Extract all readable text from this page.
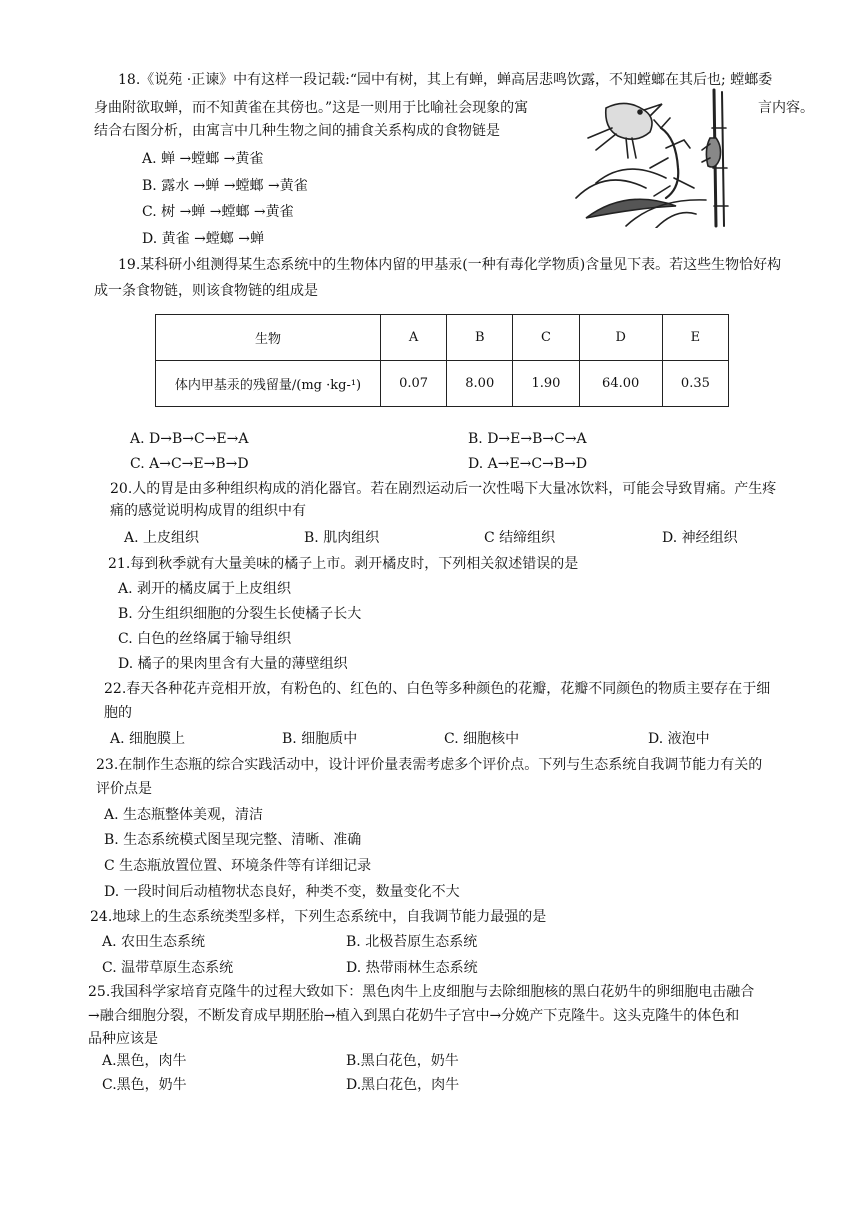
18.《说苑 ·正谏》中有这样一段记载:“园中有树，其上有蝉，蝉高居悲鸣饮露，不知螳螂在其后也; 螳螂委
身曲附欲取蝉，而不知黄雀在其傍也。”这是一则用于比喻社会现象的寓	言内容。
结合右图分析，由寓言中几种生物之间的捕食关系构成的食物链是
A. 蝉 →螳螂 →黄雀
B. 露水 →蝉 →螳螂 →黄雀
C. 树 →蝉 →螳螂 →黄雀
D. 黄雀 →螳螂 →蝉
19.某科研小组测得某生态系统中的生物体内留的甲基汞(一种有毒化学物质)含量见下表。若这些生物恰好构
成一条食物链，则该食物链的组成是
生物	A	B	C	D	E
体内甲基汞的残留量/(mg ·kg-¹)	0.07	8.00	1.90	64.00	0.35
A. D→B→C→E→A	B. D→E→B→C→A
C. A→C→E→B→D	D. A→E→C→B→D
20.人的胃是由多种组织构成的消化器官。若在剧烈运动后一次性喝下大量冰饮料，可能会导致胃痛。产生疼
痛的感觉说明构成胃的组织中有
A. 上皮组织	B. 肌肉组织	C 结缔组织	D. 神经组织
21.每到秋季就有大量美味的橘子上市。剥开橘皮时，下列相关叙述错误的是
A. 剥开的橘皮属于上皮组织
B. 分生组织细胞的分裂生长使橘子长大
C. 白色的丝络属于输导组织
D. 橘子的果肉里含有大量的薄壁组织
22.春天各种花卉竞相开放，有粉色的、红色的、白色等多种颜色的花瓣，花瓣不同颜色的物质主要存在于细
胞的
A. 细胞膜上	B. 细胞质中	C. 细胞核中	D. 液泡中
23.在制作生态瓶的综合实践活动中，设计评价量表需考虑多个评价点。下列与生态系统自我调节能力有关的
评价点是
A. 生态瓶整体美观，清洁
B. 生态系统模式图呈现完整、清晰、准确
C 生态瓶放置位置、环境条件等有详细记录
D. 一段时间后动植物状态良好，种类不变，数量变化不大
24.地球上的生态系统类型多样，下列生态系统中，自我调节能力最强的是
A. 农田生态系统	B. 北极苔原生态系统
C. 温带草原生态系统	D. 热带雨林生态系统
25.我国科学家培育克隆牛的过程大致如下：黑色肉牛上皮细胞与去除细胞核的黑白花奶牛的卵细胞电击融合
→融合细胞分裂，不断发育成早期胚胎→植入到黑白花奶牛子宫中→分娩产下克隆牛。这头克隆牛的体色和
品种应该是
A.黑色，肉牛	B.黑白花色，奶牛
C.黑色，奶牛	D.黑白花色，肉牛
